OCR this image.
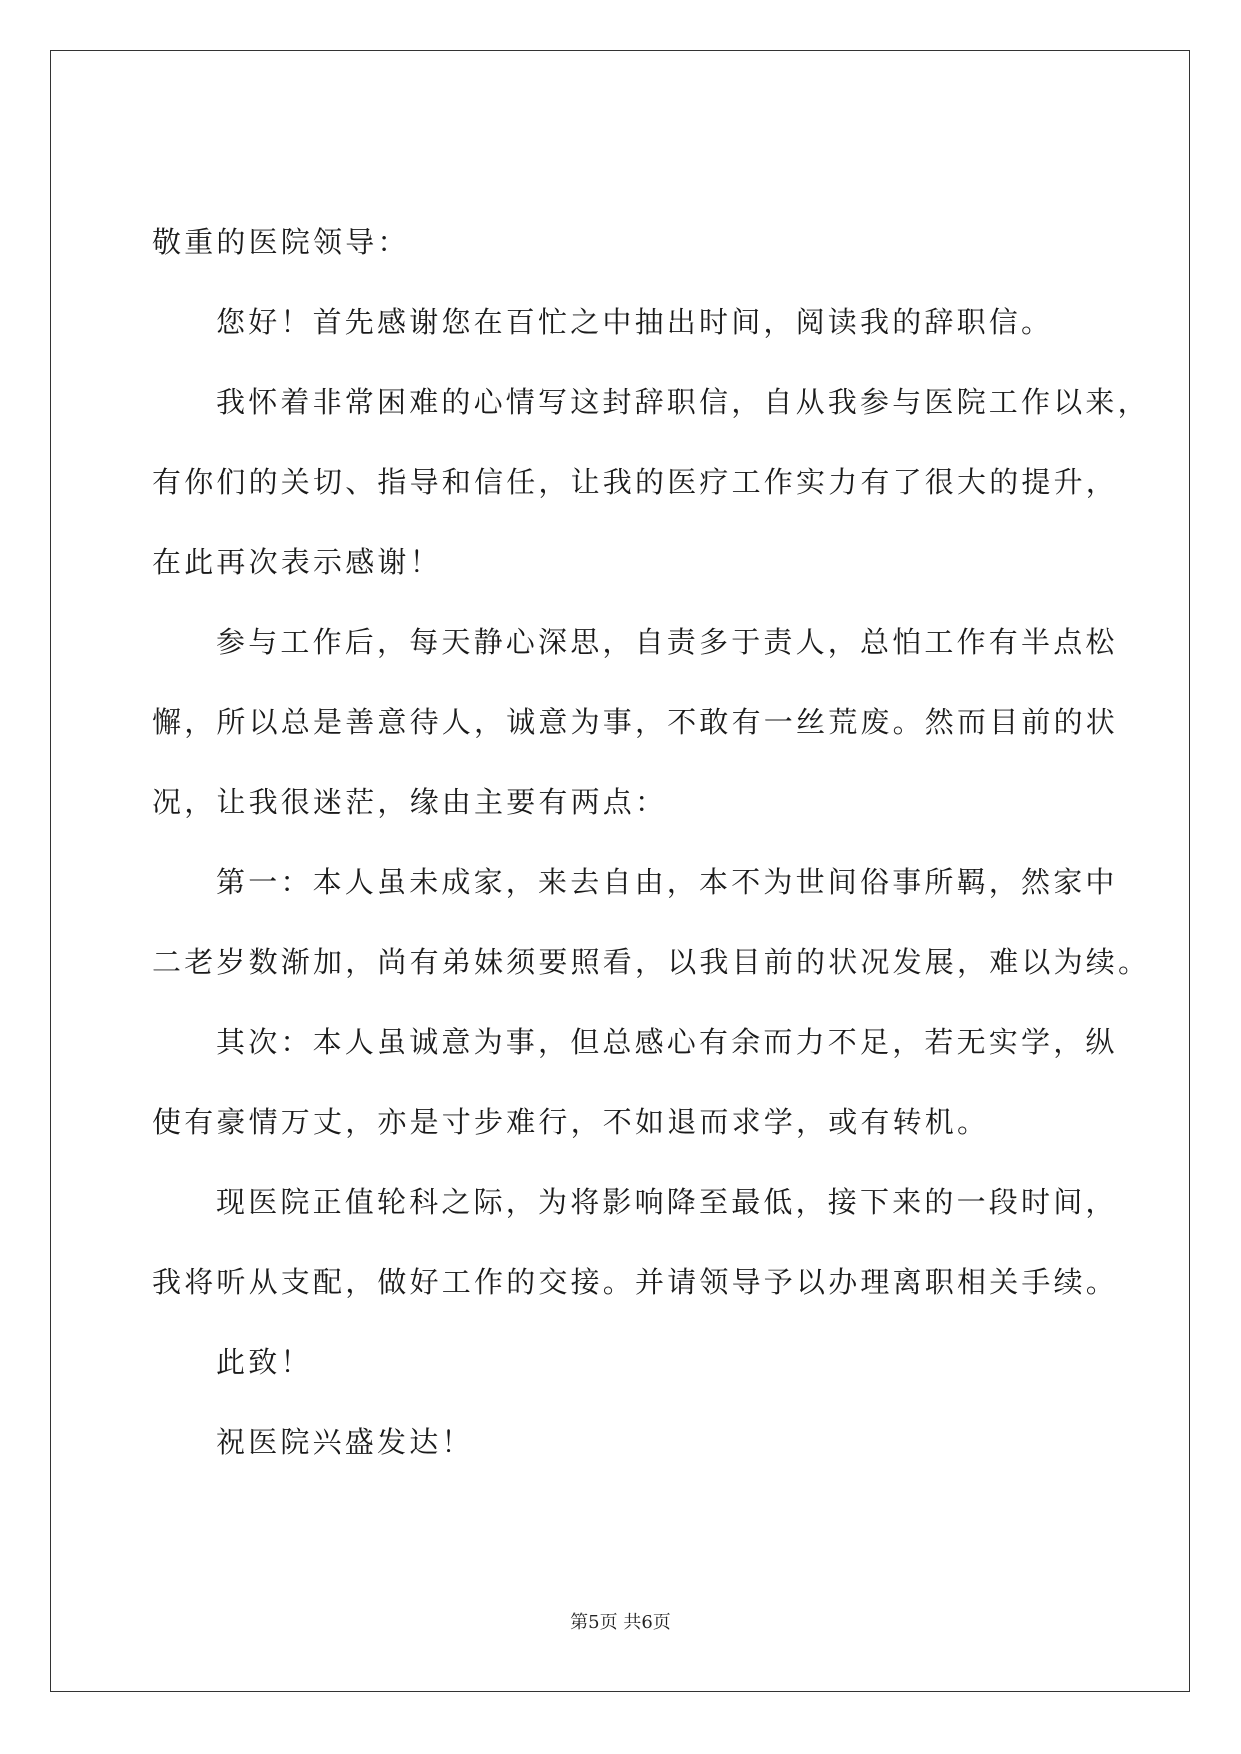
敬重的医院领导：
您好！首先感谢您在百忙之中抽出时间，阅读我的辞职信。
我怀着非常困难的心情写这封辞职信，自从我参与医院工作以来，
有你们的关切、指导和信任，让我的医疗工作实力有了很大的提升，
在此再次表示感谢！
参与工作后，每天静心深思，自责多于责人，总怕工作有半点松
懈，所以总是善意待人，诚意为事，不敢有一丝荒废。然而目前的状
况，让我很迷茫，缘由主要有两点：
第一：本人虽未成家，来去自由，本不为世间俗事所羁，然家中
二老岁数渐加，尚有弟妹须要照看，以我目前的状况发展，难以为续。
其次：本人虽诚意为事，但总感心有余而力不足，若无实学，纵
使有豪情万丈，亦是寸步难行，不如退而求学，或有转机。
现医院正值轮科之际，为将影响降至最低，接下来的一段时间，
我将听从支配，做好工作的交接。并请领导予以办理离职相关手续。
此致！
祝医院兴盛发达！
第5页 共6页
